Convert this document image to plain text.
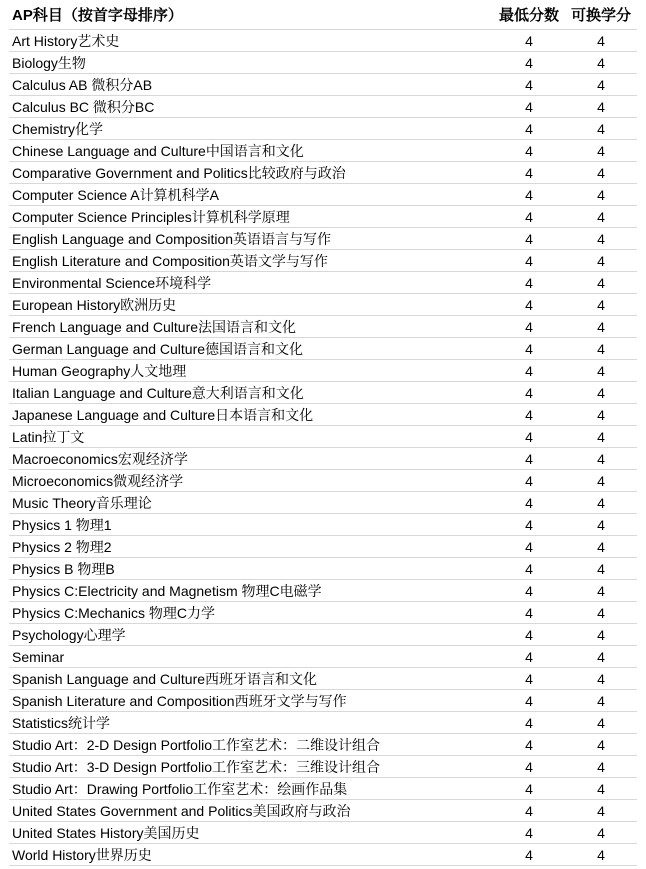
AP科目（按首字母排序）	最低分数	可换学分
Art History艺术史	4	4
Biology生物	4	4
Calculus AB 微积分AB	4	4
Calculus BC 微积分BC	4	4
Chemistry化学	4	4
Chinese Language and Culture中国语言和文化	4	4
Comparative Government and Politics比较政府与政治	4	4
Computer Science A计算机科学A	4	4
Computer Science Principles计算机科学原理	4	4
English Language and Composition英语语言与写作	4	4
English Literature and Composition英语文学与写作	4	4
Environmental Science环境科学	4	4
European History欧洲历史	4	4
French Language and Culture法国语言和文化	4	4
German Language and Culture德国语言和文化	4	4
Human Geography人文地理	4	4
Italian Language and Culture意大利语言和文化	4	4
Japanese Language and Culture日本语言和文化	4	4
Latin拉丁文	4	4
Macroeconomics宏观经济学	4	4
Microeconomics微观经济学	4	4
Music Theory音乐理论	4	4
Physics 1 物理1	4	4
Physics 2 物理2	4	4
Physics B 物理B	4	4
Physics C:Electricity and Magnetism 物理C电磁学	4	4
Physics C:Mechanics 物理C力学	4	4
Psychology心理学	4	4
Seminar	4	4
Spanish Language and Culture西班牙语言和文化	4	4
Spanish Literature and Composition西班牙文学与写作	4	4
Statistics统计学	4	4
Studio Art：2-D Design Portfolio工作室艺术：二维设计组合	4	4
Studio Art：3-D Design Portfolio工作室艺术：三维设计组合	4	4
Studio Art：Drawing Portfolio工作室艺术：绘画作品集	4	4
United States Government and Politics美国政府与政治	4	4
United States History美国历史	4	4
World History世界历史	4	4
